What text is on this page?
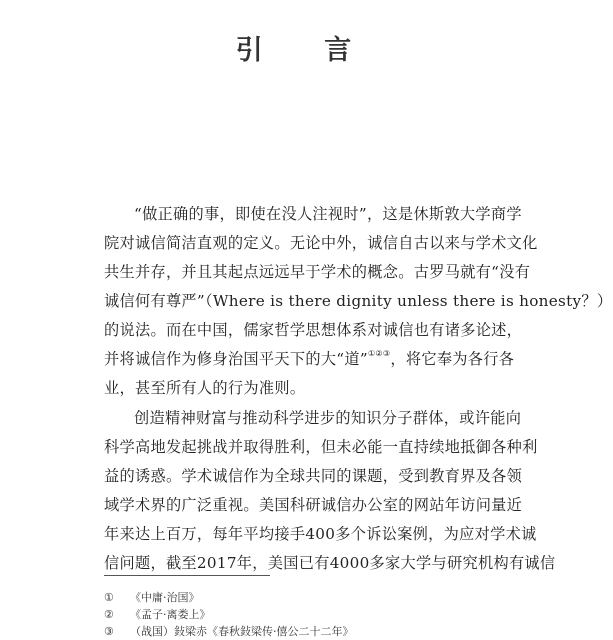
引 言
“做正确的事，即使在没人注视时”，这是休斯敦大学商学
院对诚信简洁直观的定义。无论中外，诚信自古以来与学术文化
共生并存，并且其起点远远早于学术的概念。古罗马就有“没有
诚信何有尊严”（Where is there dignity unless there is honesty？）
的说法。而在中国，儒家哲学思想体系对诚信也有诸多论述，
并将诚信作为修身治国平天下的大“道”①②③，将它奉为各行各
业，甚至所有人的行为准则。
创造精神财富与推动科学进步的知识分子群体，或许能向
科学高地发起挑战并取得胜利，但未必能一直持续地抵御各种利
益的诱惑。学术诚信作为全球共同的课题，受到教育界及各领
域学术界的广泛重视。美国科研诚信办公室的网站年访问量近
年来达上百万，每年平均接手400多个诉讼案例，为应对学术诚
信问题，截至2017年，美国已有4000多家大学与研究机构有诚信
① 《中庸·治国》
② 《孟子·离娄上》
③ （战国）鈙梁赤《春秋鈙梁传·僖公二十二年》
